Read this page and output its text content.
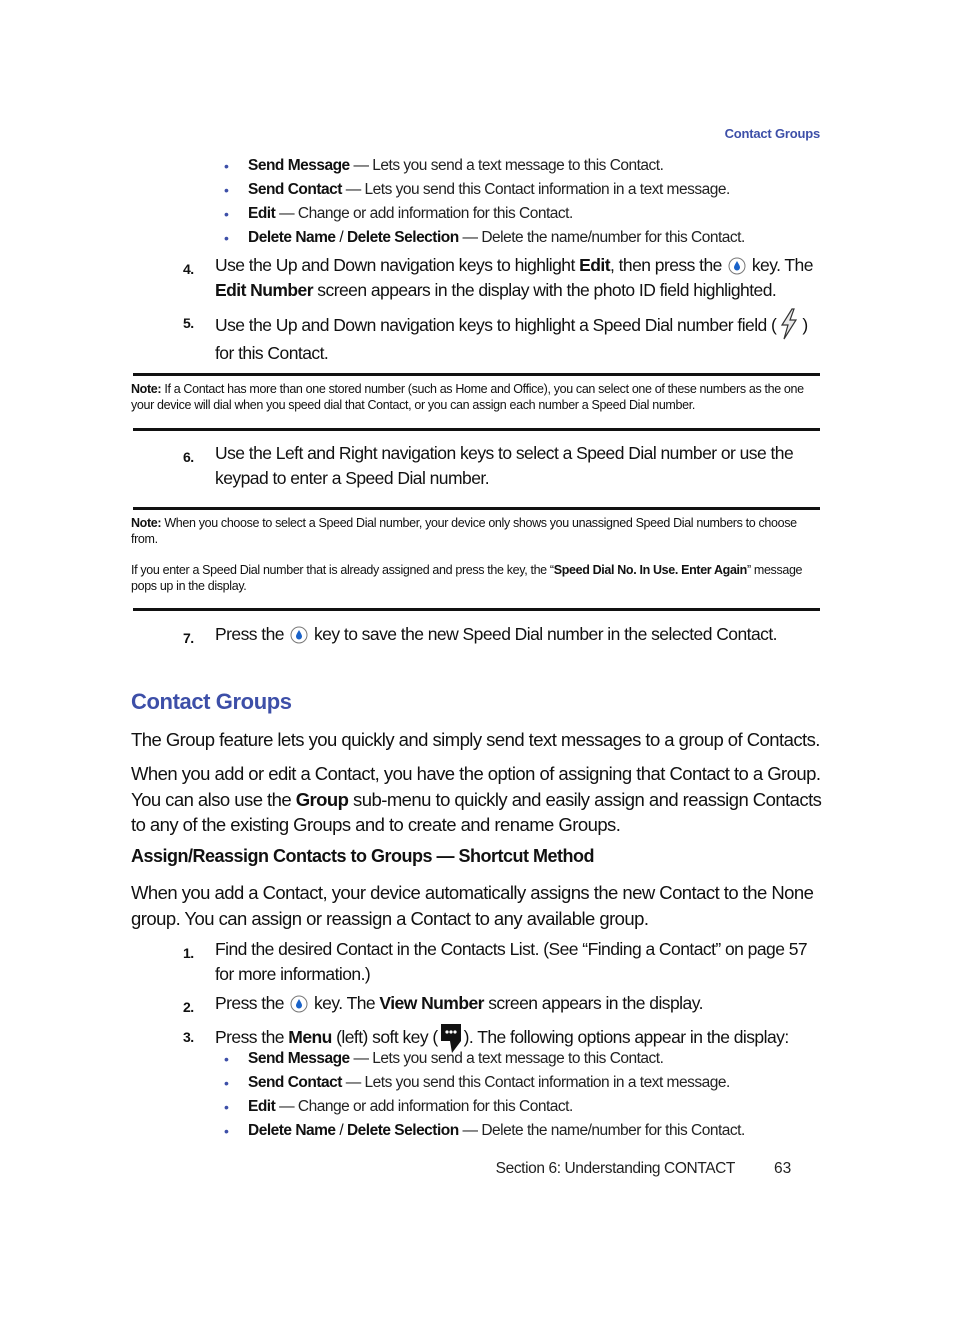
Contact Groups
• Send Message — Lets you send a text message to this Contact.
• Send Contact — Lets you send this Contact information in a text message.
• Edit — Change or add information for this Contact.
• Delete Name / Delete Selection — Delete the name/number for this Contact.
4. Use the Up and Down navigation keys to highlight Edit, then press the key. The
Edit Number screen appears in the display with the photo ID field highlighted.
5. Use the Up and Down navigation keys to highlight a Speed Dial number field ( ) for this Contact.
Note: If a Contact has more than one stored number (such as Home and Office), you can select one of these numbers as the one your device will dial when you speed dial that Contact, or you can assign each number a Speed Dial number.
6. Use the Left and Right navigation keys to select a Speed Dial number or use the keypad to enter a Speed Dial number.
Note: When you choose to select a Speed Dial number, your device only shows you unassigned Speed Dial numbers to choose from.
If you enter a Speed Dial number that is already assigned and press the key, the “Speed Dial No. In Use. Enter Again” message pops up in the display.
7. Press the key to save the new Speed Dial number in the selected Contact.
Contact Groups
The Group feature lets you quickly and simply send text messages to a group of Contacts.
When you add or edit a Contact, you have the option of assigning that Contact to a Group. You can also use the Group sub-menu to quickly and easily assign and reassign Contacts to any of the existing Groups and to create and rename Groups.
Assign/Reassign Contacts to Groups — Shortcut Method
When you add a Contact, your device automatically assigns the new Contact to the None group. You can assign or reassign a Contact to any available group.
1. Find the desired Contact in the Contacts List. (See “Finding a Contact” on page 57 for more information.)
2. Press the key. The View Number screen appears in the display.
3. Press the Menu (left) soft key ( ). The following options appear in the display:
• Send Message — Lets you send a text message to this Contact.
• Send Contact — Lets you send this Contact information in a text message.
• Edit — Change or add information for this Contact.
• Delete Name / Delete Selection — Delete the name/number for this Contact.
Section 6: Understanding CONTACT	63
